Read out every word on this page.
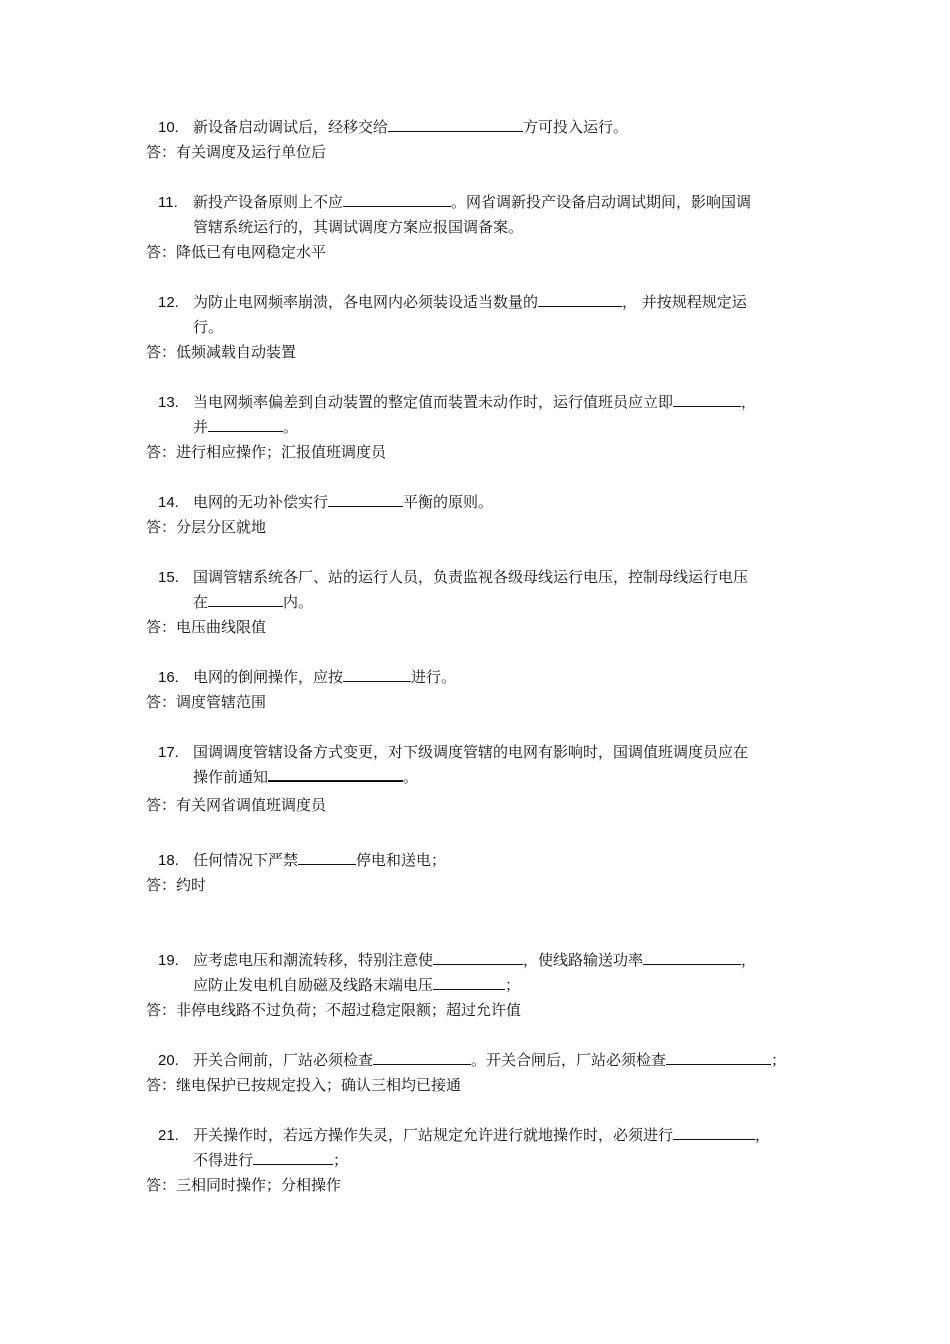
10. 新设备启动调试后，经移交给	方可投入运行。
答：有关调度及运行单位后
11. 新投产设备原则上不应	。网省调新投产设备启动调试期间，影响国调
管辖系统运行的，其调试调度方案应报国调备案。
答：降低已有电网稳定水平
12. 为防止电网频率崩溃，各电网内必须装设适当数量的	， 并按规程规定运
行。
答：低频减载自动装置
13. 当电网频率偏差到自动装置的整定值而装置未动作时，运行值班员应立即	，
并	。
答：进行相应操作；汇报值班调度员
14. 电网的无功补偿实行	平衡的原则。
答：分层分区就地
15. 国调管辖系统各厂、站的运行人员，负责监视各级母线运行电压，控制母线运行电压
在	内。
答：电压曲线限值
16. 电网的倒闸操作，应按	进行。
答：调度管辖范围
17. 国调调度管辖设备方式变更，对下级调度管辖的电网有影响时，国调值班调度员应在
操作前通知	。
答：有关网省调值班调度员
18. 任何情况下严禁	停电和送电；
答：约时
19. 应考虑电压和潮流转移，特别注意使	，使线路输送功率	，
应防止发电机自励磁及线路末端电压	；
答：非停电线路不过负荷；不超过稳定限额；超过允许值
20. 开关合闸前，厂站必须检查	。开关合闸后，厂站必须检查	；
答：继电保护已按规定投入；确认三相均已接通
21. 开关操作时，若远方操作失灵，厂站规定允许进行就地操作时，必须进行	，
不得进行	；
答：三相同时操作；分相操作
